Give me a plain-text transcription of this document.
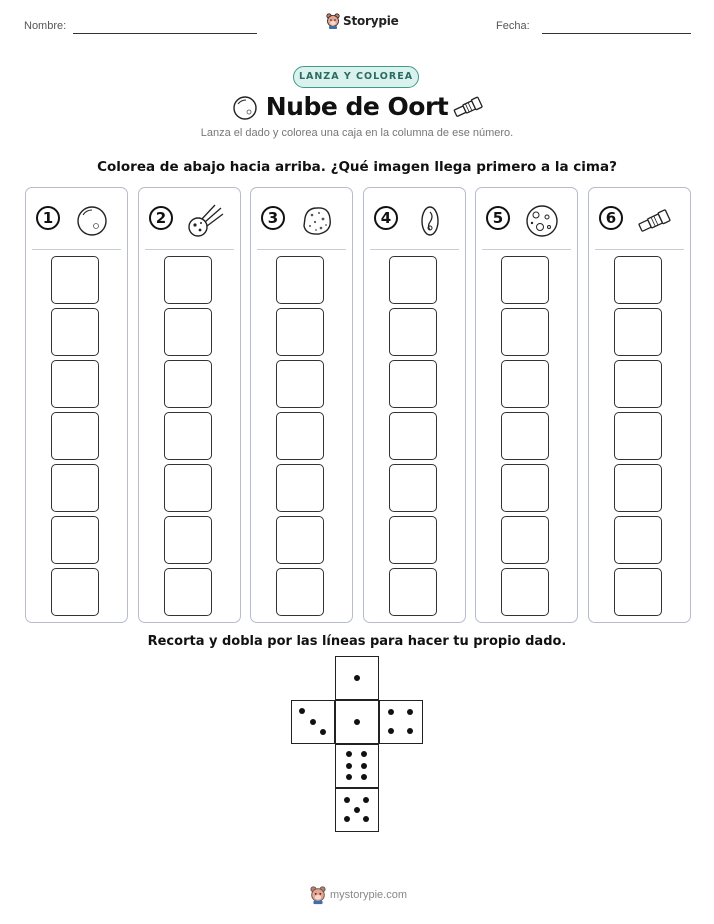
Nombre:	Storypie	Fecha:
LANZA Y COLOREA
Nube de Oort
Lanza el dado y colorea una caja en la columna de ese número.
Colorea de abajo hacia arriba. ¿Qué imagen llega primero a la cima?
1	2	3	4	5	6
Recorta y dobla por las líneas para hacer tu propio dado.
mystorypie.com
